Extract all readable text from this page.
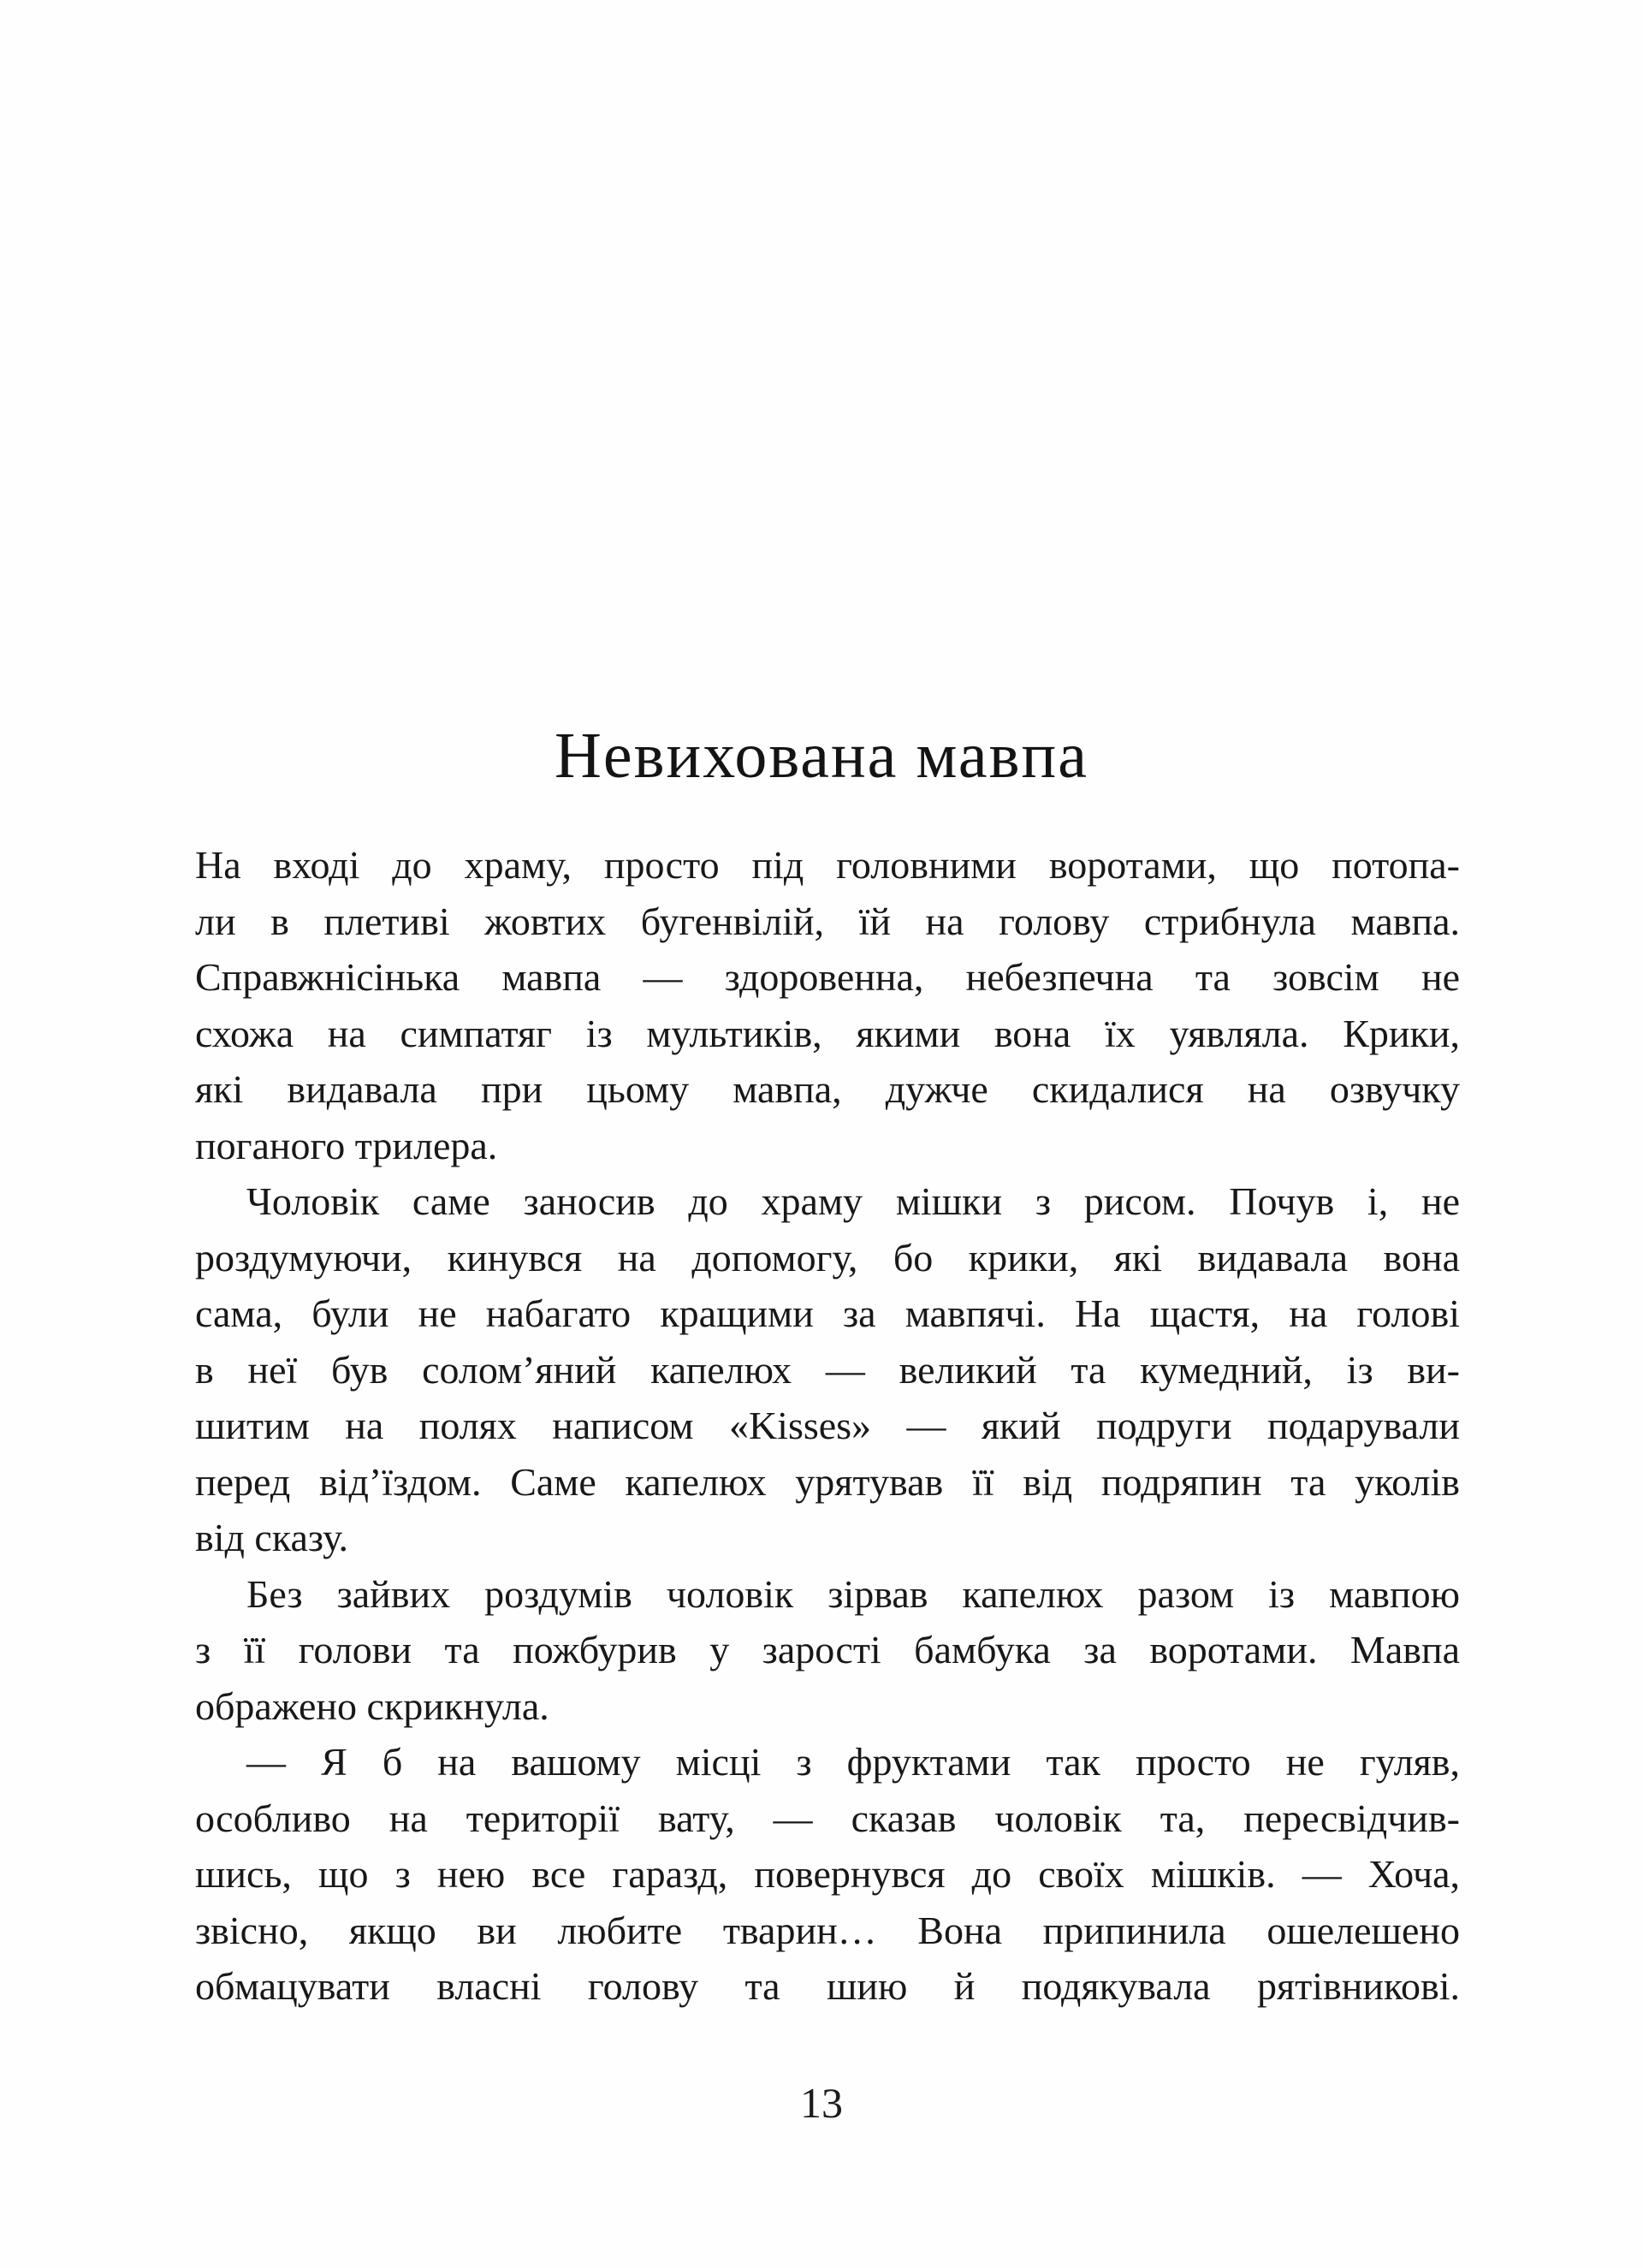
Невихована мавпа
На вході до храму, просто під головними воротами, що потопа-
ли в плетиві жовтих бугенвілій, їй на голову стрибнула мавпа.
Справжнісінька мавпа — здоровенна, небезпечна та зовсім не
схожа на симпатяг із мультиків, якими вона їх уявляла. Крики,
які видавала при цьому мавпа, дужче скидалися на озвучку
поганого трилера.
Чоловік саме заносив до храму мішки з рисом. Почув і, не
роздумуючи, кинувся на допомогу, бо крики, які видавала вона
сама, були не набагато кращими за мавпячі. На щастя, на голові
в неї був солом’яний капелюх — великий та кумедний, із ви-
шитим на полях написом «Kisses» — який подруги подарували
перед від’їздом. Саме капелюх урятував її від подряпин та уколів
від сказу.
Без зайвих роздумів чоловік зірвав капелюх разом із мавпою
з її голови та пожбурив у зарості бамбука за воротами. Мавпа
ображено скрикнула.
— Я б на вашому місці з фруктами так просто не гуляв,
особливо на території вату, — сказав чоловік та, пересвідчив-
шись, що з нею все гаразд, повернувся до своїх мішків. — Хоча,
звісно, якщо ви любите тварин… Вона припинила ошелешено
обмацувати власні голову та шию й подякувала рятівникові.
13
